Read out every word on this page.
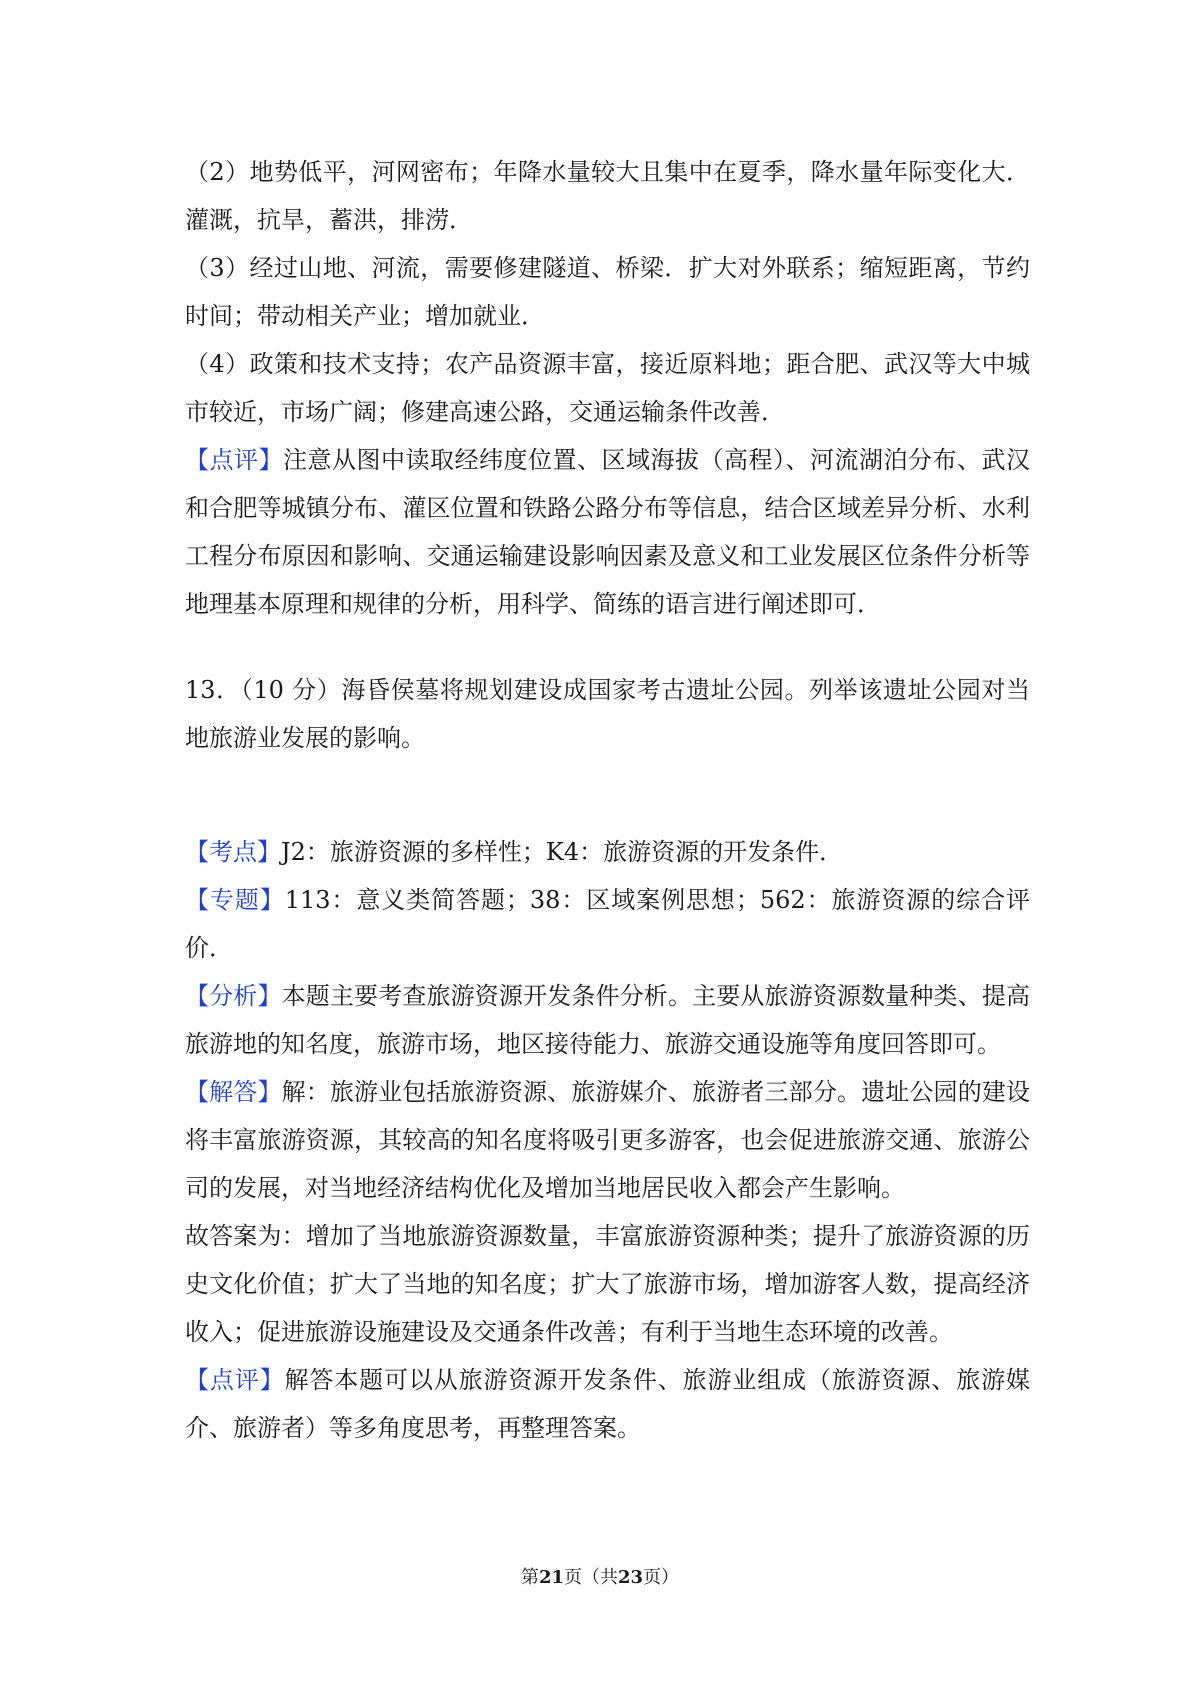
（2）地势低平，河网密布；年降水量较大且集中在夏季，降水量年际变化大．灌溉，抗旱，蓄洪，排涝．

（3）经过山地、河流，需要修建隧道、桥梁．扩大对外联系；缩短距离，节约时间；带动相关产业；增加就业．

（4）政策和技术支持；农产品资源丰富，接近原料地；距合肥、武汉等大中城市较近，市场广阔；修建高速公路，交通运输条件改善．

【点评】注意从图中读取经纬度位置、区域海拔（高程）、河流湖泊分布、武汉和合肥等城镇分布、灌区位置和铁路公路分布等信息，结合区域差异分析、水利工程分布原因和影响、交通运输建设影响因素及意义和工业发展区位条件分析等地理基本原理和规律的分析，用科学、简练的语言进行阐述即可．

13．（10 分）海昏侯墓将规划建设成国家考古遗址公园。列举该遗址公园对当地旅游业发展的影响。

【考点】J2：旅游资源的多样性；K4：旅游资源的开发条件．

【专题】113：意义类简答题；38：区域案例思想；562：旅游资源的综合评价．

【分析】本题主要考查旅游资源开发条件分析。主要从旅游资源数量种类、提高旅游地的知名度，旅游市场，地区接待能力、旅游交通设施等角度回答即可。

【解答】解：旅游业包括旅游资源、旅游媒介、旅游者三部分。遗址公园的建设将丰富旅游资源，其较高的知名度将吸引更多游客，也会促进旅游交通、旅游公司的发展，对当地经济结构优化及增加当地居民收入都会产生影响。

故答案为：增加了当地旅游资源数量，丰富旅游资源种类；提升了旅游资源的历史文化价值；扩大了当地的知名度；扩大了旅游市场，增加游客人数，提高经济收入；促进旅游设施建设及交通条件改善；有利于当地生态环境的改善。

【点评】解答本题可以从旅游资源开发条件、旅游业组成（旅游资源、旅游媒介、旅游者）等多角度思考，再整理答案。

第21页（共23页）
